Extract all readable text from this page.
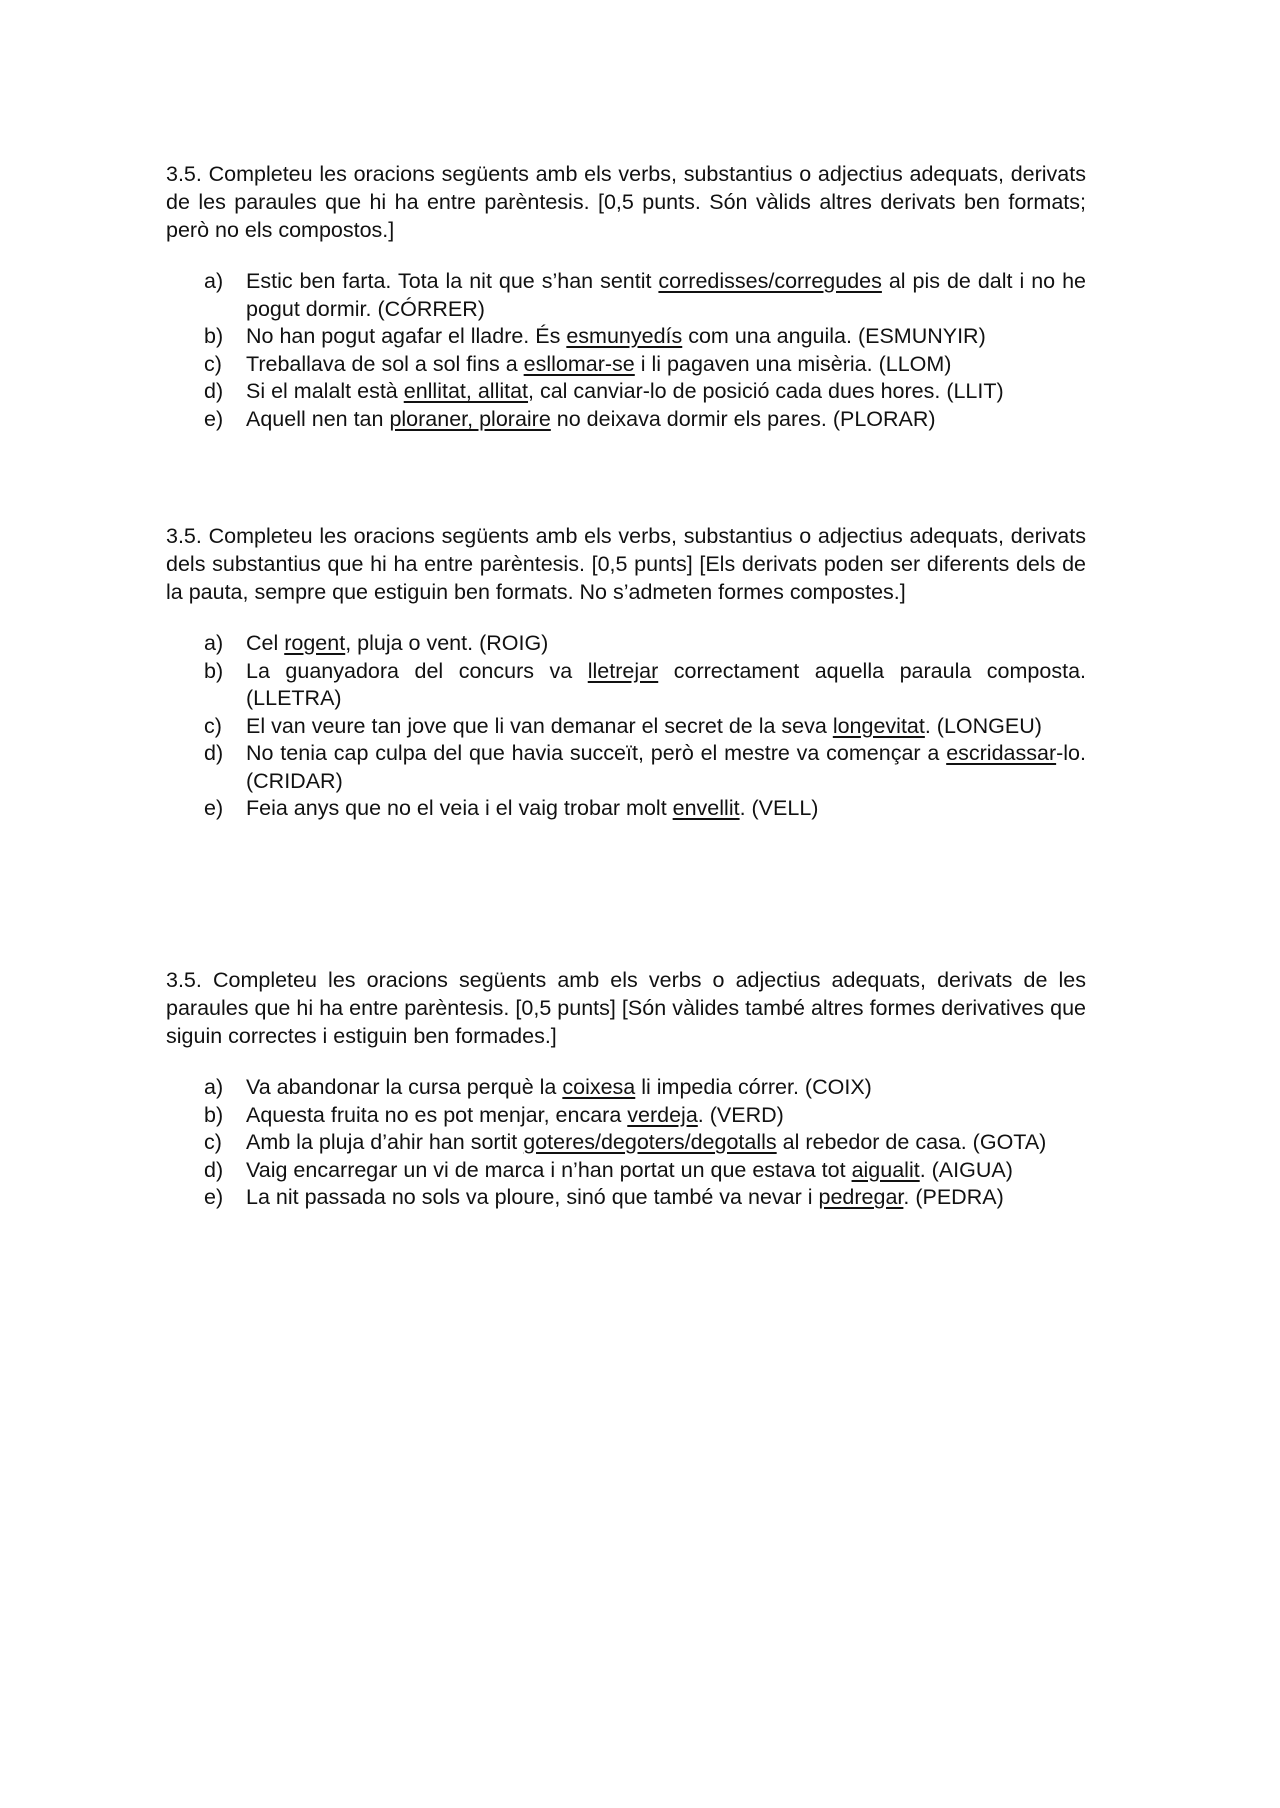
3.5. Completeu les oracions següents amb els verbs, substantius o adjectius adequats, derivats de les paraules que hi ha entre parèntesis. [0,5 punts. Són vàlids altres derivats ben formats; però no els compostos.]

a)	Estic ben farta. Tota la nit que s’han sentit corredisses/corregudes al pis de dalt i no he pogut dormir. (CÓRRER)
b)	No han pogut agafar el lladre. És esmunyedís com una anguila. (ESMUNYIR)
c)	Treballava de sol a sol fins a esllomar-se i li pagaven una misèria. (LLOM)
d)	Si el malalt està enllitat, allitat, cal canviar-lo de posició cada dues hores. (LLIT)
e)	Aquell nen tan ploraner, ploraire no deixava dormir els pares. (PLORAR)

3.5. Completeu les oracions següents amb els verbs, substantius o adjectius adequats, derivats dels substantius que hi ha entre parèntesis. [0,5 punts] [Els derivats poden ser diferents dels de la pauta, sempre que estiguin ben formats. No s’admeten formes compostes.]

a)	Cel rogent, pluja o vent. (ROIG)
b)	La guanyadora del concurs va lletrejar correctament aquella paraula composta. (LLETRA)
c)	El van veure tan jove que li van demanar el secret de la seva longevitat. (LONGEU)
d)	No tenia cap culpa del que havia succeït, però el mestre va començar a escridassar-lo. (CRIDAR)
e)	Feia anys que no el veia i el vaig trobar molt envellit. (VELL)

3.5. Completeu les oracions següents amb els verbs o adjectius adequats, derivats de les paraules que hi ha entre parèntesis. [0,5 punts] [Són vàlides també altres formes derivatives que siguin correctes i estiguin ben formades.]

a)	Va abandonar la cursa perquè la coixesa li impedia córrer. (COIX)
b)	Aquesta fruita no es pot menjar, encara verdeja. (VERD)
c)	Amb la pluja d’ahir han sortit goteres/degoters/degotalls al rebedor de casa. (GOTA)
d)	Vaig encarregar un vi de marca i n’han portat un que estava tot aigualit. (AIGUA)
e)	La nit passada no sols va ploure, sinó que també va nevar i pedregar. (PEDRA)
